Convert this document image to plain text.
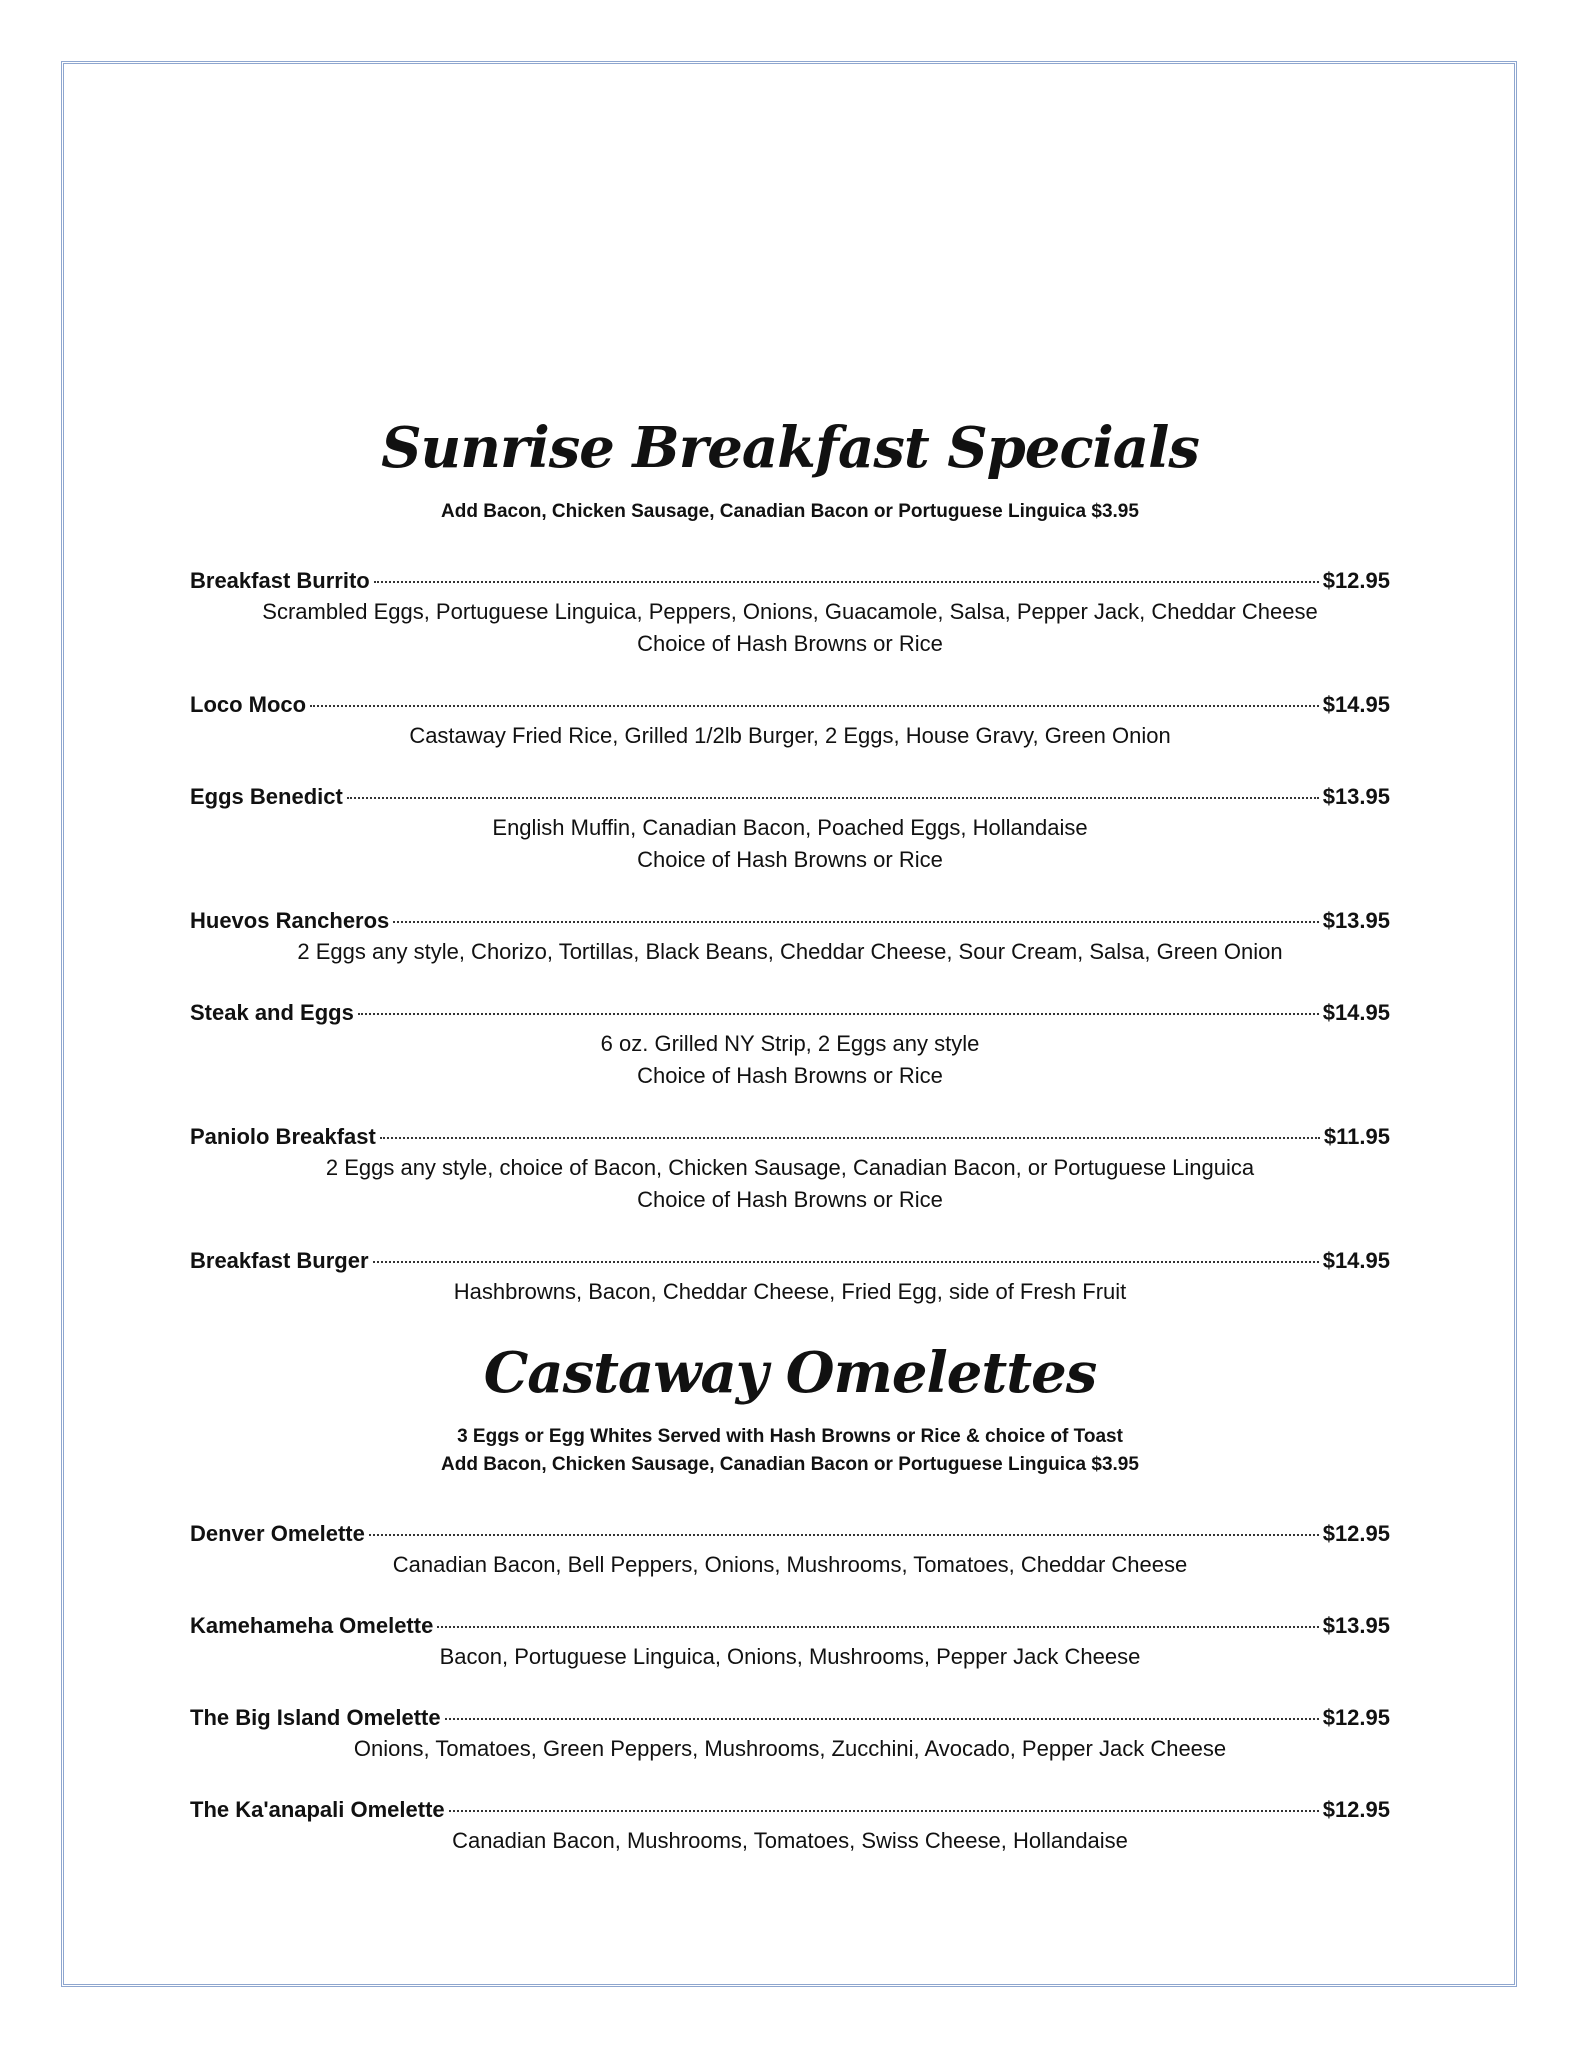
Sunrise Breakfast Specials

Add Bacon, Chicken Sausage, Canadian Bacon or Portuguese Linguica $3.95

Breakfast Burrito	$12.95

Scrambled Eggs, Portuguese Linguica, Peppers, Onions, Guacamole, Salsa, Pepper Jack, Cheddar Cheese

Choice of Hash Browns or Rice

Loco Moco	$14.95

Castaway Fried Rice, Grilled 1/2lb Burger, 2 Eggs, House Gravy, Green Onion

Eggs Benedict	$13.95

English Muffin, Canadian Bacon, Poached Eggs, Hollandaise

Choice of Hash Browns or Rice

Huevos Rancheros	$13.95

2 Eggs any style, Chorizo, Tortillas, Black Beans, Cheddar Cheese, Sour Cream, Salsa, Green Onion

Steak and Eggs	$14.95

6 oz. Grilled NY Strip, 2 Eggs any style

Choice of Hash Browns or Rice

Paniolo Breakfast	$11.95

2 Eggs any style, choice of Bacon, Chicken Sausage, Canadian Bacon, or Portuguese Linguica

Choice of Hash Browns or Rice

Breakfast Burger	$14.95

Hashbrowns, Bacon, Cheddar Cheese, Fried Egg, side of Fresh Fruit

Castaway Omelettes

3 Eggs or Egg Whites Served with Hash Browns or Rice & choice of Toast

Add Bacon, Chicken Sausage, Canadian Bacon or Portuguese Linguica $3.95

Denver Omelette	$12.95

Canadian Bacon, Bell Peppers, Onions, Mushrooms, Tomatoes, Cheddar Cheese

Kamehameha Omelette	$13.95

Bacon, Portuguese Linguica, Onions, Mushrooms, Pepper Jack Cheese

The Big Island Omelette	$12.95

Onions, Tomatoes, Green Peppers, Mushrooms, Zucchini, Avocado, Pepper Jack Cheese

The Ka'anapali Omelette	$12.95

Canadian Bacon, Mushrooms, Tomatoes, Swiss Cheese, Hollandaise
